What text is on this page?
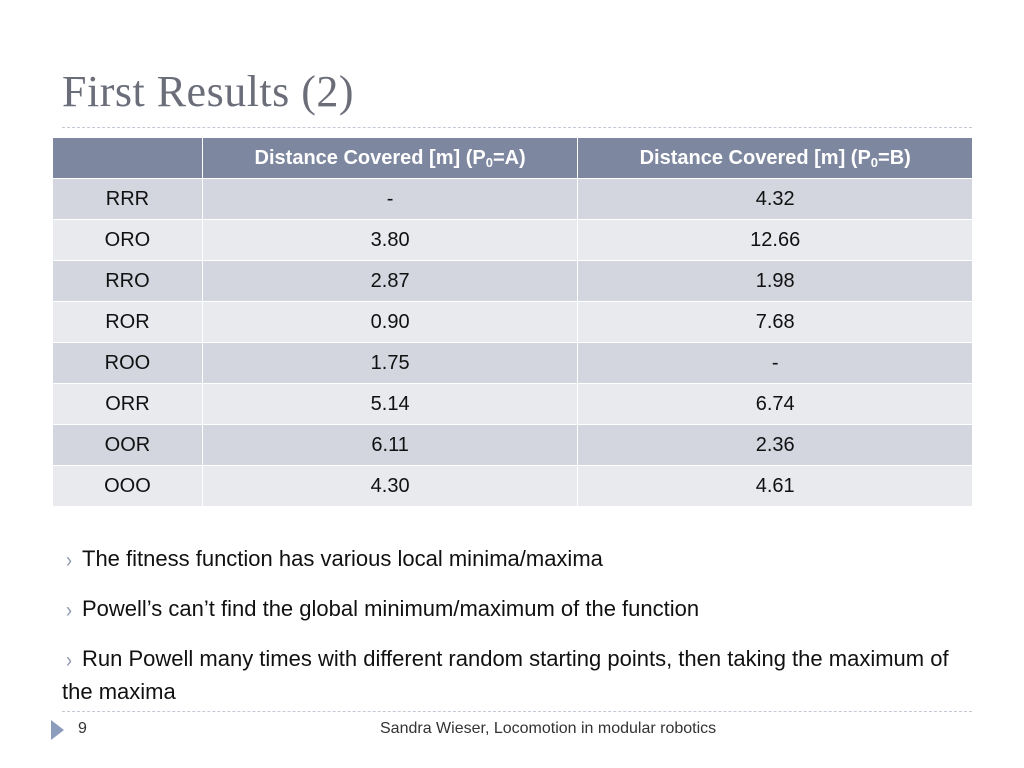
First Results (2)
	Distance Covered [m] $(P_0=A)$	Distance Covered [m] $(P_0=B)$
RRR	-	4.32
ORO	3.80	12.66
RRO	2.87	1.98
ROR	0.90	7.68
ROO	1.75	-
ORR	5.14	6.74
OOR	6.11	2.36
OOO	4.30	4.61
› The fitness function has various local minima/maxima
› Powell’s can’t find the global minimum/maximum of the function
› Run Powell many times with different random starting points, then taking the maximum of the maxima
9	Sandra Wieser, Locomotion in modular robotics
